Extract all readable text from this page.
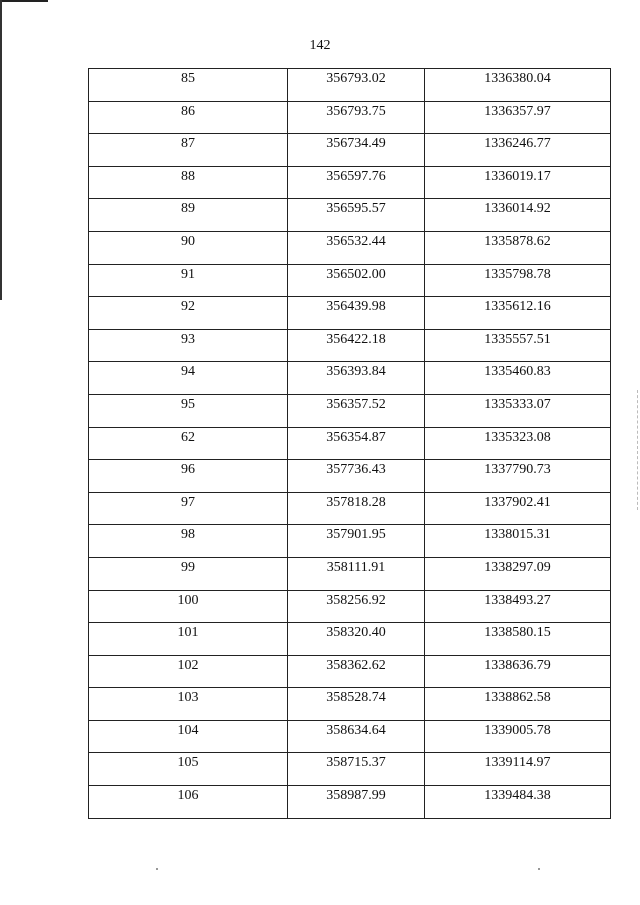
142
85	356793.02	1336380.04
86	356793.75	1336357.97
87	356734.49	1336246.77
88	356597.76	1336019.17
89	356595.57	1336014.92
90	356532.44	1335878.62
91	356502.00	1335798.78
92	356439.98	1335612.16
93	356422.18	1335557.51
94	356393.84	1335460.83
95	356357.52	1335333.07
62	356354.87	1335323.08
96	357736.43	1337790.73
97	357818.28	1337902.41
98	357901.95	1338015.31
99	358111.91	1338297.09
100	358256.92	1338493.27
101	358320.40	1338580.15
102	358362.62	1338636.79
103	358528.74	1338862.58
104	358634.64	1339005.78
105	358715.37	1339114.97
106	358987.99	1339484.38
